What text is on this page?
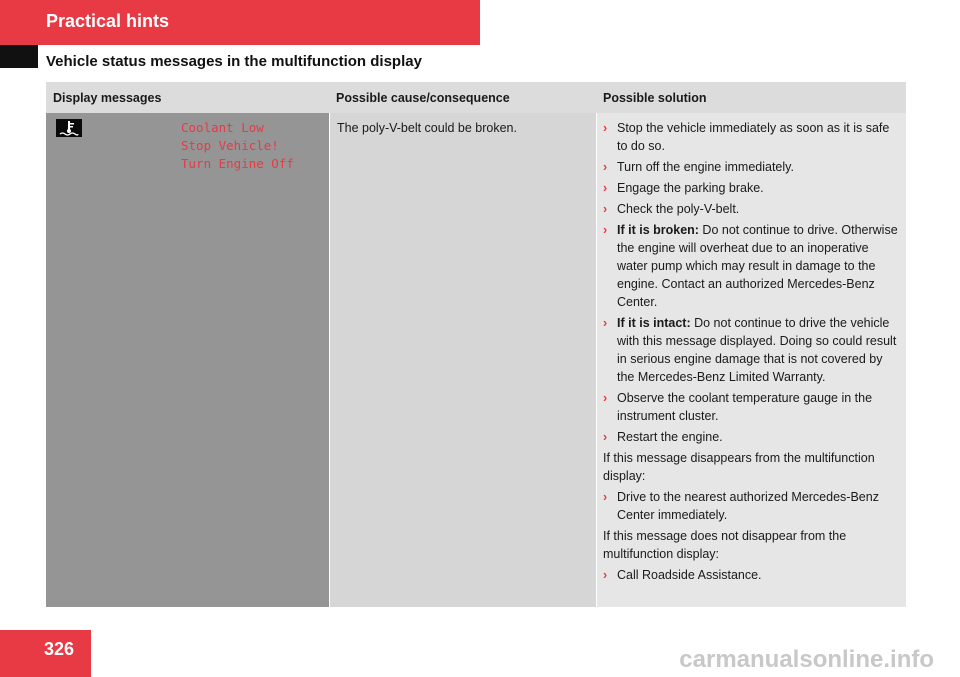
Practical hints
Vehicle status messages in the multifunction display
Display messages
Coolant Low
Stop Vehicle!
Turn Engine Off
Possible cause/consequence
The poly-V-belt could be broken.
Possible solution
› Stop the vehicle immediately as soon as it is safe to do so.
› Turn off the engine immediately.
› Engage the parking brake.
› Check the poly-V-belt.
› If it is broken: Do not continue to drive. Otherwise the engine will overheat due to an inoperative water pump which may result in damage to the engine. Contact an authorized Mercedes-Benz Center.
› If it is intact: Do not continue to drive the vehicle with this message displayed. Doing so could result in serious engine damage that is not covered by the Mercedes-Benz Limited Warranty.
› Observe the coolant temperature gauge in the instrument cluster.
› Restart the engine.
If this message disappears from the multifunction display:
› Drive to the nearest authorized Mercedes-Benz Center immediately.
If this message does not disappear from the multifunction display:
› Call Roadside Assistance.
326	carmanualsonline.info
